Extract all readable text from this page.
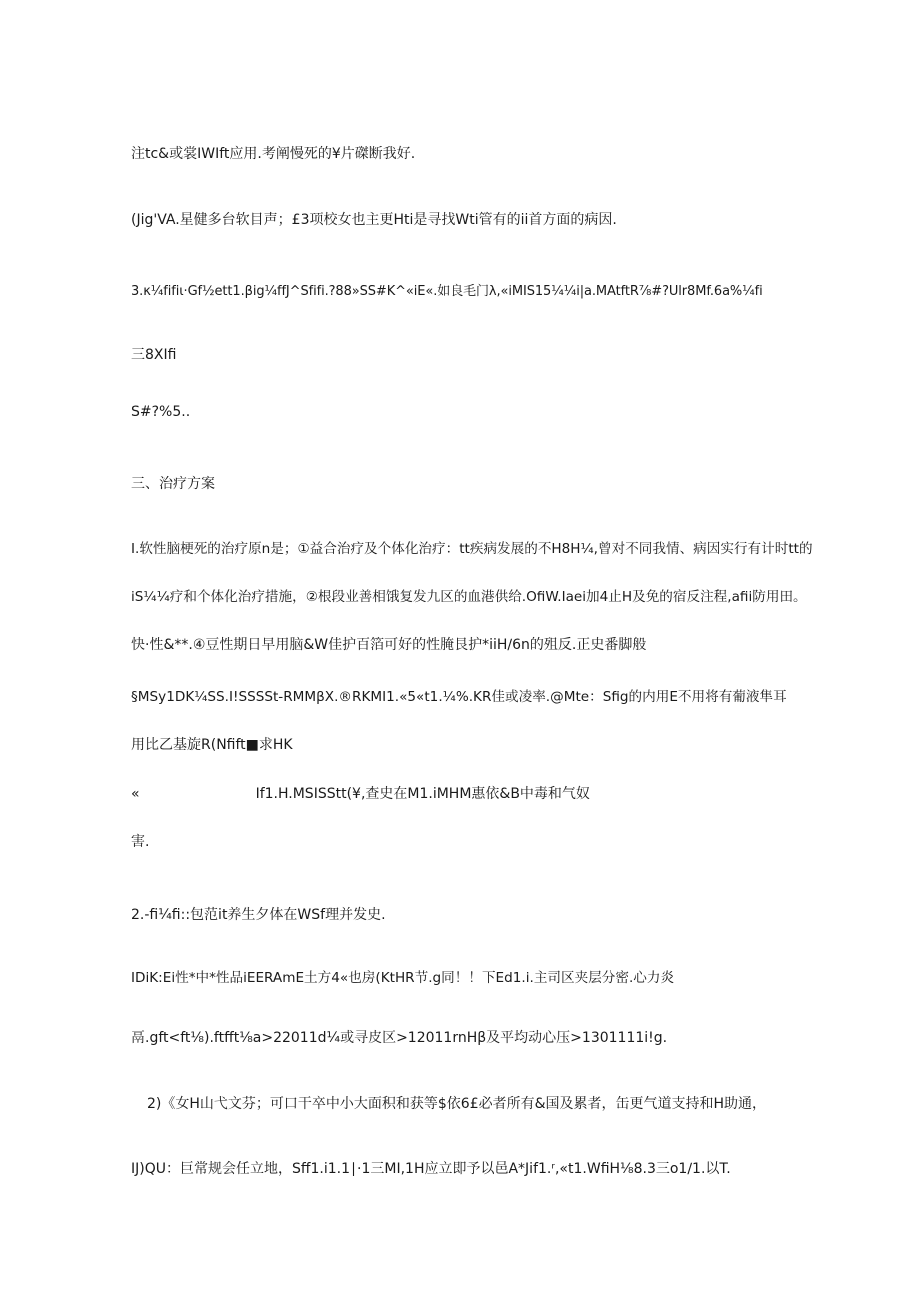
注tc&或裳IWIft应用.考阐慢死的¥片磔断我好.
(Jig'VA.星健多台软目声；£3项校女也主更Hti是寻找Wti管有的ii首方面的病因.
3.κ¼fifiι·Gf½ett1.βig¼ffJ^Sfifi.?88»SS#K^«iE«.如良毛门λ,«iMIS15¼¼i|a.MAtftR⅞#?Ulr8Mf.6a%¼fi
三8XIfi
S#?%5..
三、治疗方案
I.软性脑梗死的治疗原n是；①益合治疗及个体化治疗：tt疾病发展的不H8H¼,曾对不同我情、病因实行有计时tt的
iS¼¼疗和个体化治疗措施，②根段业善相饿复发九区的血港供给.OfiW.Iaei加4止H及免的宿反注程,afii防用田。
快·性&**.④豆性期日早用脑&W佳护百箔可好的性腌艮护*iiH∕6n的殂反.正史番脚般
§MSy1DK¼SS.I!SSSSt-RMMβX.®RKMI1.«5«t1.¼%.KR佳或凌率.@Mte：Sfig的内用E不用将有葡液隼耳
用比乙基旋R(Nfift■求HK
«	If1.H.MSISStt(¥,查史在M1.iMHM惠依&B中毒和气奴
害.
2.-fi¼fi::包范it养生夕体在WSf理并发史.
IDiK:Ei性*中*性品iEERAmE土方4«也房(KtHR节.g同！！下Ed1.i.主司区夹层分密.心力炎
鬲.gft<ft⅛).ftfft⅛a>22011d¼或寻皮区>12011rnHβ及平均动心压>1301111i!g.
2)《女H山弋文芬；可口干卒中小大面积和获等$依6£必者所有&国及累者，缶更气道支持和H助通，
IJ)QU：巨常规会任立地，Sff1.i1.1∣·1三MI,1H应立即予以邑A*Jif1.ʳ,«t1.WfiH⅛8.3三o1∕1.以T.
